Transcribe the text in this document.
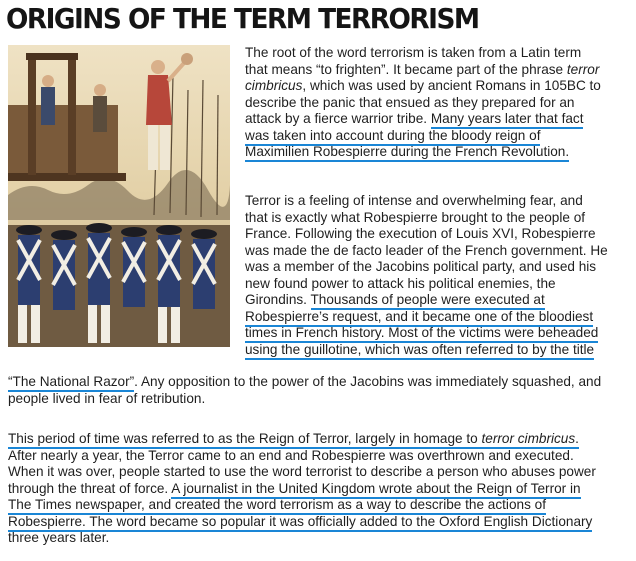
ORIGINS OF THE TERM TERRORISM
The root of the word terrorism is taken from a Latin term
that means “to frighten”. It became part of the phrase terror
cimbricus, which was used by ancient Romans in 105BC to
describe the panic that ensued as they prepared for an
attack by a fierce warrior tribe. Many years later that fact
was taken into account during the bloody reign of
Maximilien Robespierre during the French Revolution.
Terror is a feeling of intense and overwhelming fear, and
that is exactly what Robespierre brought to the people of
France. Following the execution of Louis XVI, Robespierre
was made the de facto leader of the French government. He
was a member of the Jacobins political party, and used his
new found power to attack his political enemies, the
Girondins. Thousands of people were executed at
Robespierre’s request, and it became one of the bloodiest
times in French history. Most of the victims were beheaded
using the guillotine, which was often referred to by the title
“The National Razor”. Any opposition to the power of the Jacobins was immediately squashed, and
people lived in fear of retribution.
This period of time was referred to as the Reign of Terror, largely in homage to terror cimbricus.
After nearly a year, the Terror came to an end and Robespierre was overthrown and executed.
When it was over, people started to use the word terrorist to describe a person who abuses power
through the threat of force. A journalist in the United Kingdom wrote about the Reign of Terror in
The Times newspaper, and created the word terrorism as a way to describe the actions of
Robespierre. The word became so popular it was officially added to the Oxford English Dictionary
three years later.
